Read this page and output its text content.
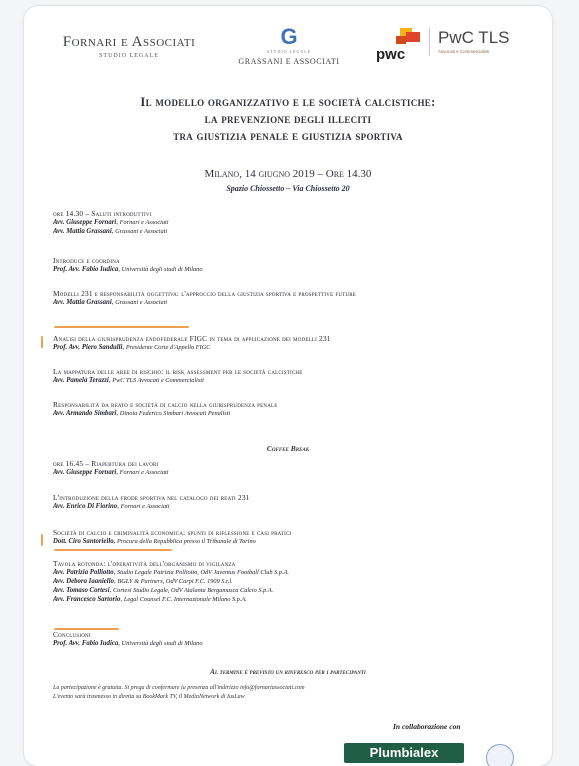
Fornari e Associati
STUDIO LEGALE
G
STUDIO LEGALE
GRASSANI E ASSOCIATI	pwc
PwC TLS
Avvocati e Commercialisti
Il modello organizzativo e le società calcistiche:
la prevenzione degli illeciti
tra giustizia penale e giustizia sportiva
Milano, 14 giugno 2019 – Ore 14.30
Spazio Chiossetto – Via Chiossetto 20
ore 14.30 – Saluti introduttivi
Avv. Giuseppe Fornari, Fornari e Associati
Avv. Mattia Grassani, Grassani e Associati
Introduce e coordina
Prof. Avv. Fabio Iudica, Università degli studi di Milano
Modelli 231 e responsabilità oggettiva: l'approccio della giustizia sportiva e prospettive future
Avv. Mattia Grassani, Grassani e Associati
Analisi della giurisprudenza endofederale FIGC in tema di applicazione dei modelli 231
Prof. Avv. Piero Sandulli, Presidente Corte d'Appello FIGC
La mappatura delle aree di rischio: il risk assessment per le società calcistiche
Avv. Pamela Terazzi, PwC TLS Avvocati e Commercialisti
Responsabilità da reato e società di calcio nella giurisprudenza penale
Avv. Armando Simbari, Dinoia Federico Simbari Avvocati Penalisti
ore 16.45 – Riapertura dei lavori
Avv. Giuseppe Fornari, Fornari e Associati
L'introduzione della frode sportiva nel catalogo dei reati 231
Avv. Enrico Di Fiorino, Fornari e Associati
Società di calcio e criminalità economica: spunti di riflessione e casi pratici
Dott. Ciro Santoriello, Procura della Repubblica presso il Tribunale di Torino
Tavola rotonda: l'operatività dell'organismo di vigilanza
Avv. Patrizia Polliotto, Studio Legale Patrizia Polliotto, OdV Juventus Football Club S.p.A.
Avv. Debora Iaaniello, BGLY & Partners, OdV Carpi F.C. 1909 S.r.l.
Avv. Tomaso Cortesi, Cortesi Studio Legale, OdV Atalanta Bergamasca Calcio S.p.A.
Avv. Francesco Sartorio, Legal Counsel F.C. Internazionale Milano S.p.A.
Conclusioni
Prof. Avv. Fabio Iudica, Università degli studi di Milano
Coffee Break
Al termine è previsto un rinfresco per i partecipanti
La partecipazione è gratuita. Si prega di confermare la presenza all'indirizzo info@fornariassociati.com
L'evento sarà trasmesso in diretta su BookMark TV, il MediaNetwork di IusLaw
In collaborazione con
Plumbialex
